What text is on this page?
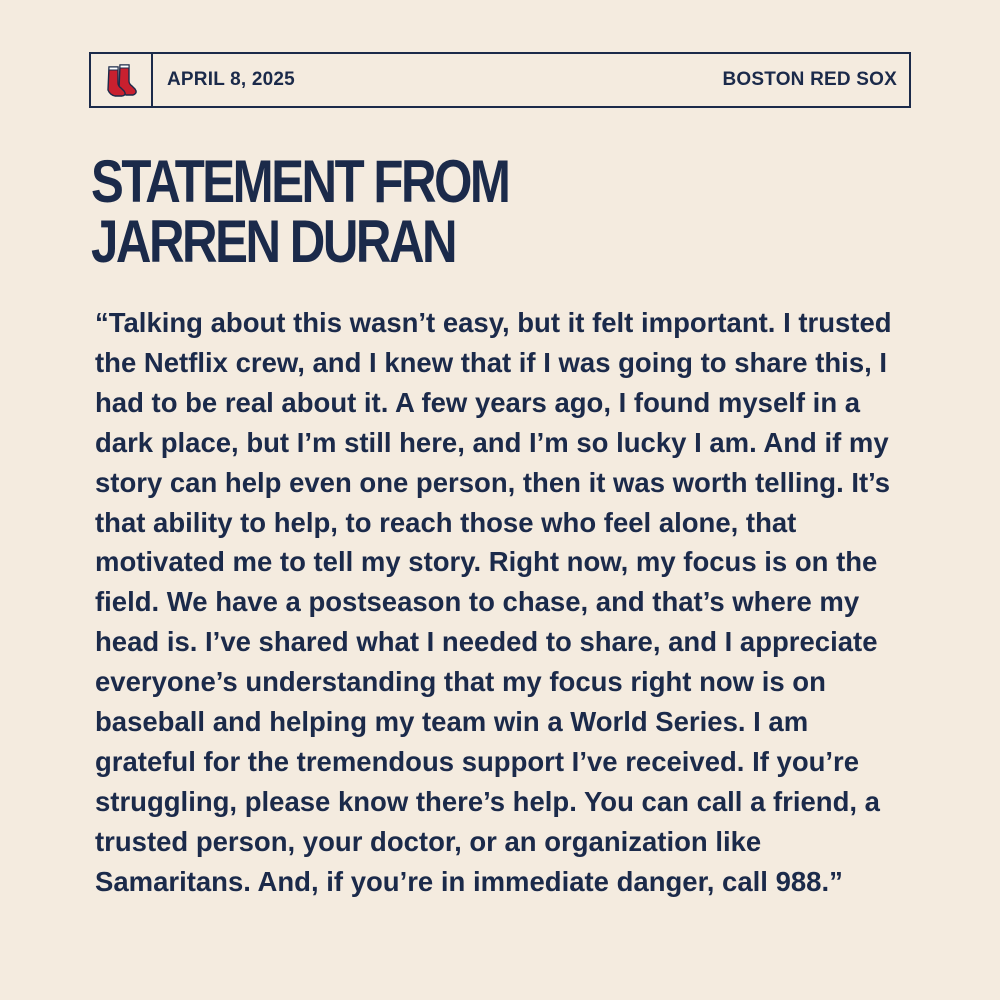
APRIL 8, 2025	BOSTON RED SOX
STATEMENT FROM
JARREN DURAN

“Talking about this wasn’t easy, but it felt important. I trusted
the Netflix crew, and I knew that if I was going to share this, I
had to be real about it. A few years ago, I found myself in a
dark place, but I’m still here, and I’m so lucky I am. And if my
story can help even one person, then it was worth telling. It’s
that ability to help, to reach those who feel alone, that
motivated me to tell my story. Right now, my focus is on the
field. We have a postseason to chase, and that’s where my
head is. I’ve shared what I needed to share, and I appreciate
everyone’s understanding that my focus right now is on
baseball and helping my team win a World Series. I am
grateful for the tremendous support I’ve received. If you’re
struggling, please know there’s help. You can call a friend, a
trusted person, your doctor, or an organization like
Samaritans. And, if you’re in immediate danger, call 988.”
